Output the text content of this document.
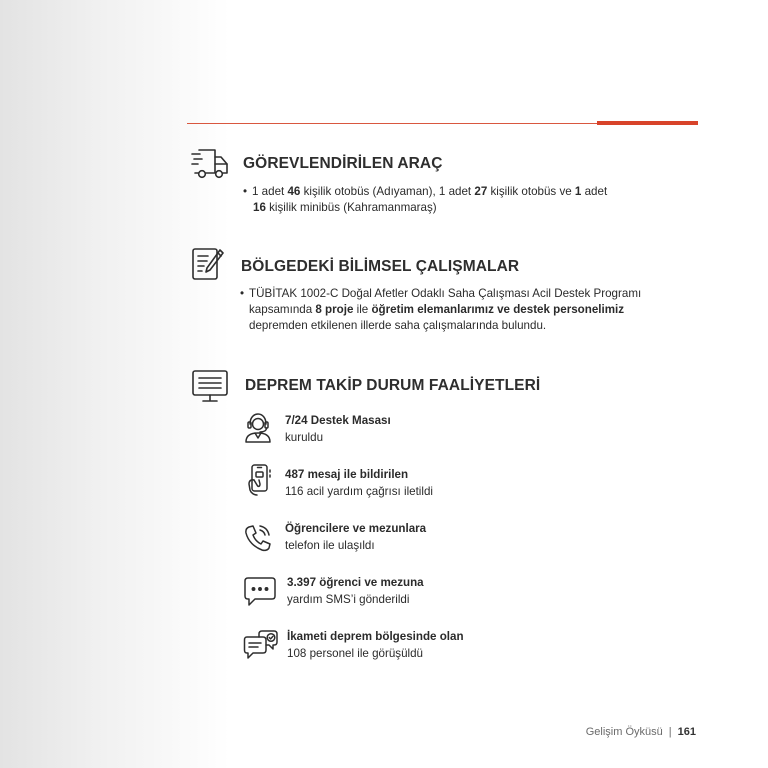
GÖREVLENDİRİLEN ARAÇ
• 1 adet 46 kişilik otobüs (Adıyaman), 1 adet 27 kişilik otobüs ve 1 adet
16 kişilik minibüs (Kahramanmaraş)
BÖLGEDEKİ BİLİMSEL ÇALIŞMALAR
• TÜBİTAK 1002-C Doğal Afetler Odaklı Saha Çalışması Acil Destek Programı kapsamında 8 proje ile öğretim elemanlarımız ve destek personelimiz depremden etkilenen illerde saha çalışmalarında bulundu.
DEPREM TAKİP DURUM FAALİYETLERİ
7/24 Destek Masası
kuruldu
487 mesaj ile bildirilen
116 acil yardım çağrısı iletildi
Öğrencilere ve mezunlara
telefon ile ulaşıldı
3.397 öğrenci ve mezuna
yardım SMS’i gönderildi
İkameti deprem bölgesinde olan
108 personel ile görüşüldü
Gelişim Öyküsü | 161
